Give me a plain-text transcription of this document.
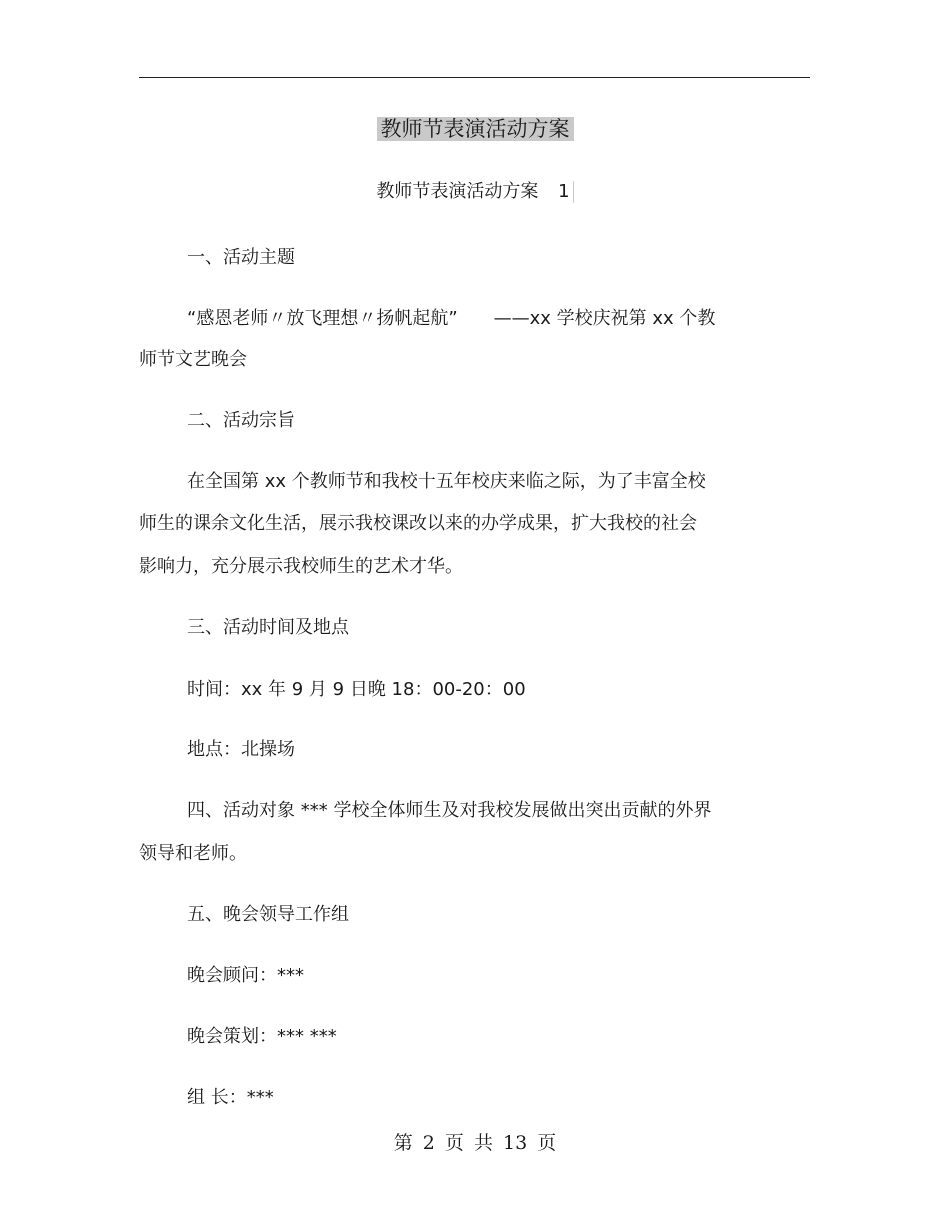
教师节表演活动方案
教师节表演活动方案 1
一、活动主题
“感恩老师〃放飞理想〃扬帆起航”　　——xx 学校庆祝第 xx 个教
师节文艺晚会
二、活动宗旨
在全国第 xx 个教师节和我校十五年校庆来临之际，为了丰富全校
师生的课余文化生活，展示我校课改以来的办学成果，扩大我校的社会
影响力，充分展示我校师生的艺术才华。
三、活动时间及地点
时间：xx 年 9 月 9 日晚 18：00-20：00
地点：北操场
四、活动对象 *** 学校全体师生及对我校发展做出突出贡献的外界
领导和老师。
五、晚会领导工作组
晚会顾问：***
晚会策划：*** ***
组 长：***
第 2 页 共 13 页
